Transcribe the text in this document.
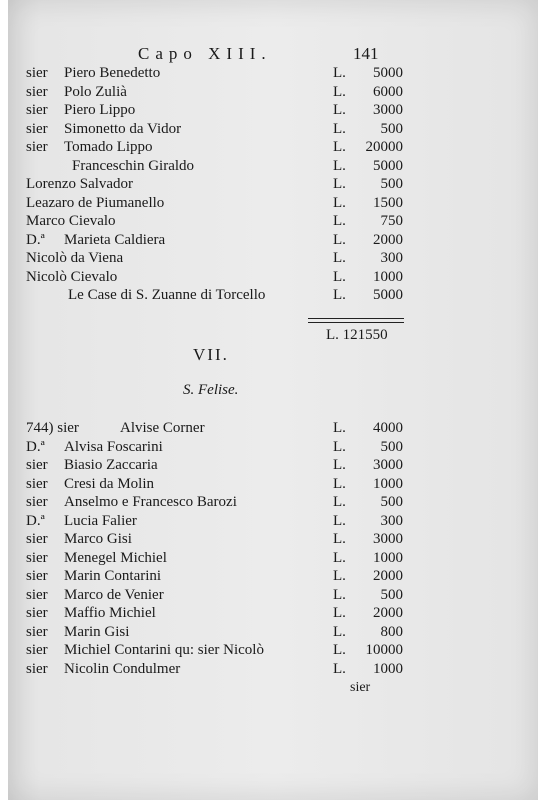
Capo XIII.	141
sier Piero Benedetto	L.	5000
sier Polo Zulià	L.	6000
sier Piero Lippo	L.	3000
sier Simonetto da Vidor	L.	500
sier Tomado Lippo	L.	20000
Franceschin Giraldo	L.	5000
Lorenzo Salvador	L.	500
Leazaro de Piumanello	L.	1500
Marco Cievalo	L.	750
D.ª Marieta Caldiera	L.	2000
Nicolò da Viena	L.	300
Nicolò Cievalo	L.	1000
Le Case di S. Zuanne di Torcello	L.	5000
L. 121550
VII.
S. Felise.
744) sier	Alvise Corner	L.	4000
D.ª Alvisa Foscarini	L.	500
sier Biasio Zaccaria	L.	3000
sier Cresi da Molin	L.	1000
sier Anselmo e Francesco Barozi	L.	500
D.ª Lucia Falier	L.	300
sier Marco Gisi	L.	3000
sier Menegel Michiel	L.	1000
sier Marin Contarini	L.	2000
sier Marco de Venier	L.	500
sier Maffio Michiel	L.	2000
sier Marin Gisi	L.	800
sier Michiel Contarini qu: sier Nicolò	L.	10000
sier Nicolin Condulmer	L.	1000
sier
